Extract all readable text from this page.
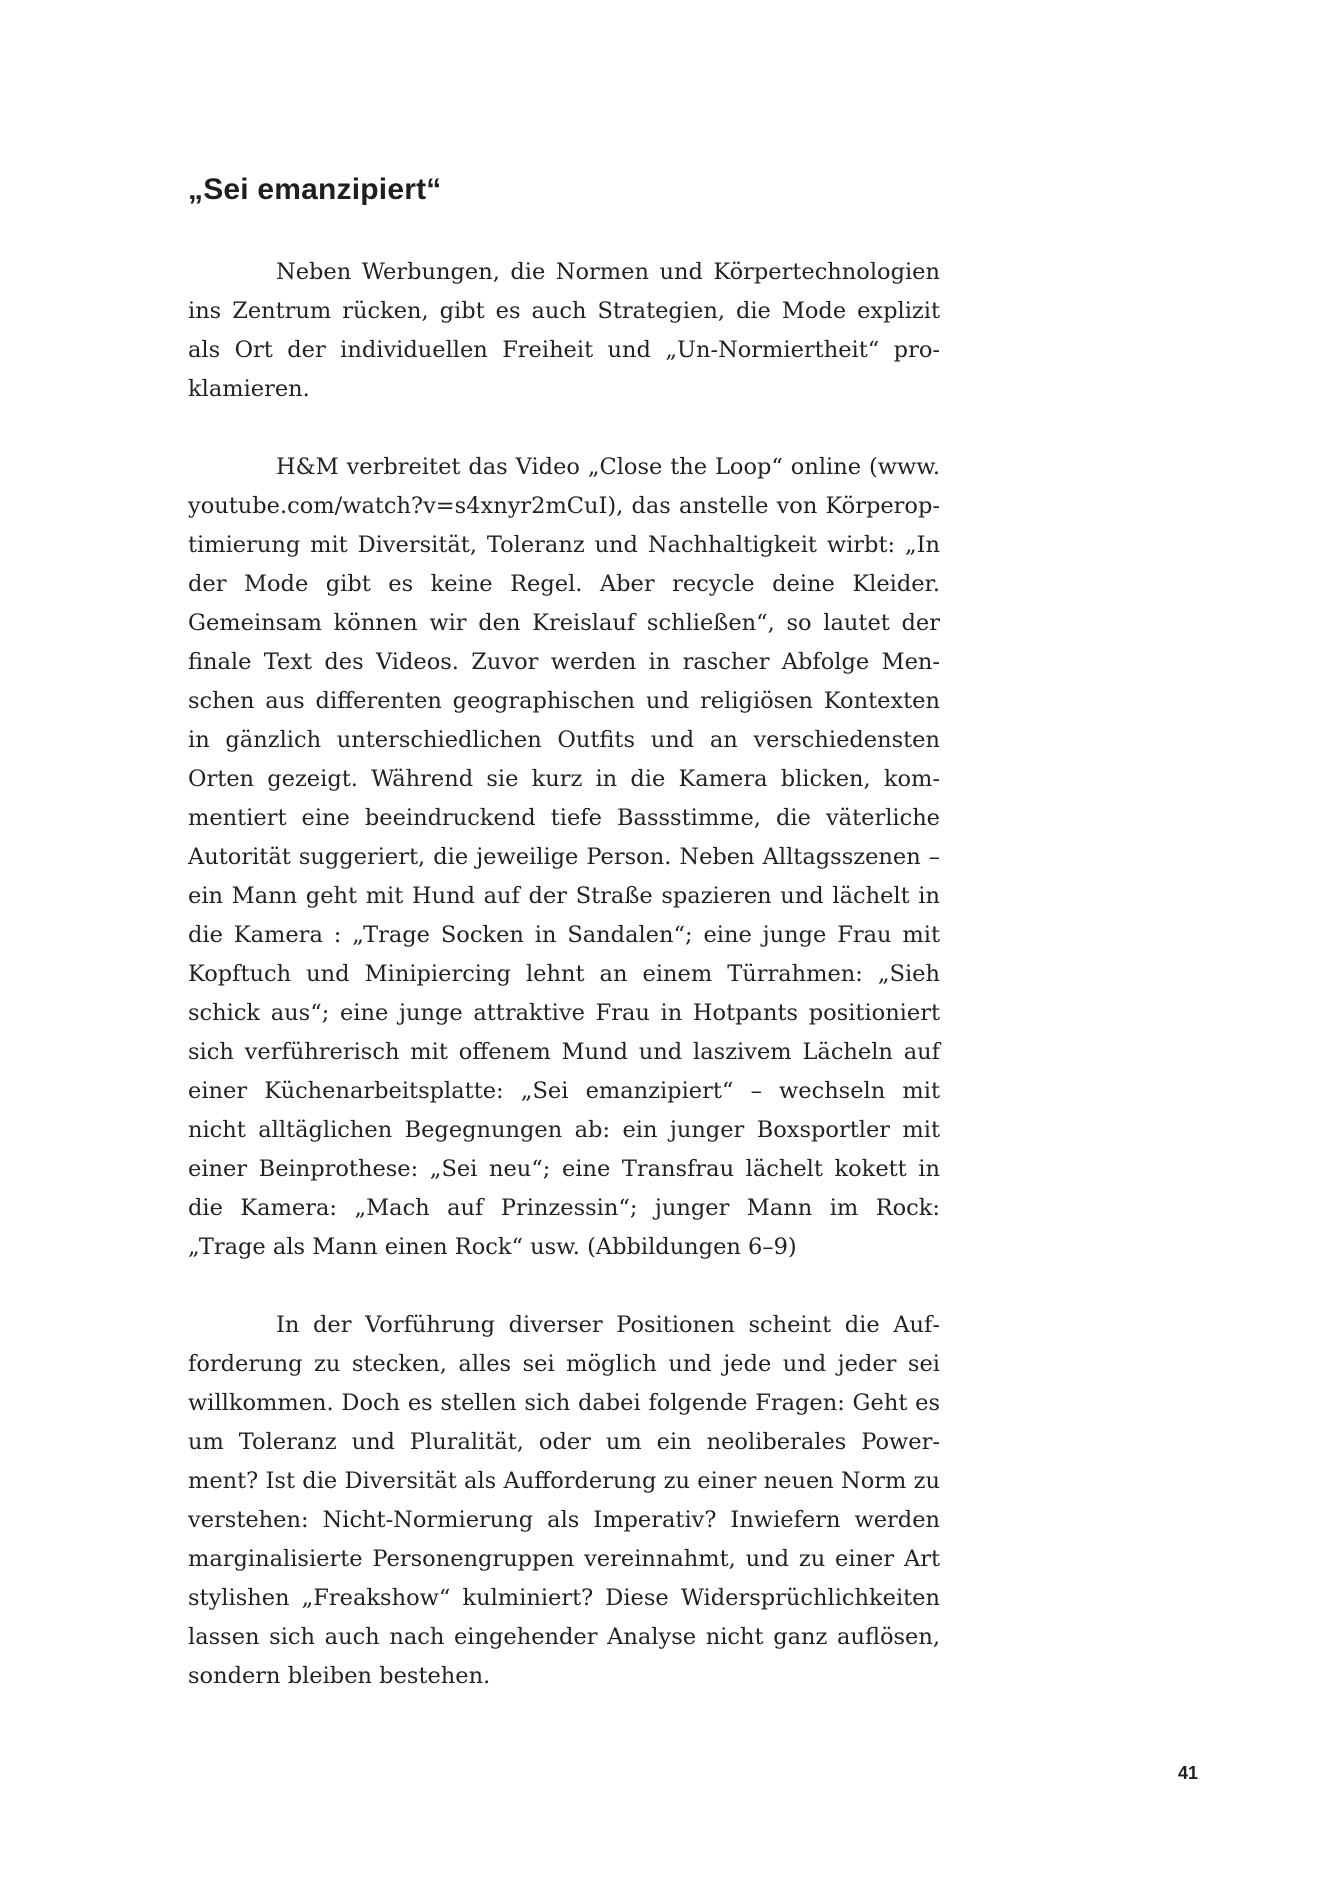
„Sei emanzipiert“

Neben Werbungen, die Normen und Körpertechnologien ins Zentrum rücken, gibt es auch Strategien, die Mode explizit als Ort der individuellen Freiheit und „Un-Normiertheit“ proklamieren.

H&M verbreitet das Video „Close the Loop“ online (www.​youtube.com/watch?v=s4xnyr2mCuI), das anstelle von Körperoptimierung mit Diversität, Toleranz und Nachhaltigkeit wirbt: „In der Mode gibt es keine Regel. Aber recycle deine Kleider. Gemeinsam können wir den Kreislauf schließen“, so lautet der finale Text des Videos. Zuvor werden in rascher Abfolge Menschen aus differenten geographischen und religiösen Kontexten in gänzlich unterschiedlichen Outfits und an verschiedensten Orten gezeigt. Während sie kurz in die Kamera blicken, kommentiert eine beeindruckend tiefe Bassstimme, die väterliche Autorität suggeriert, die jeweilige Person. Neben Alltagsszenen – ein Mann geht mit Hund auf der Straße spazieren und lächelt in die Kamera : „Trage Socken in Sandalen“; eine junge Frau mit Kopftuch und Minipiercing lehnt an einem Türrahmen: „Sieh schick aus“; eine junge attraktive Frau in Hotpants positioniert sich verführerisch mit offenem Mund und laszivem Lächeln auf einer Küchenarbeitsplatte: „Sei emanzipiert“ – wechseln mit nicht alltäglichen Begegnungen ab: ein junger Boxsportler mit einer Beinprothese: „Sei neu“; eine Transfrau lächelt kokett in die Kamera: „Mach auf Prinzessin“; junger Mann im Rock: „Trage als Mann einen Rock“ usw. (Abbildungen 6–9)

In der Vorführung diverser Positionen scheint die Aufforderung zu stecken, alles sei möglich und jede und jeder sei willkommen. Doch es stellen sich dabei folgende Fragen: Geht es um Toleranz und Pluralität, oder um ein neoliberales Powerment? Ist die Diversität als Aufforderung zu einer neuen Norm zu verstehen: Nicht-Normierung als Imperativ? Inwiefern werden marginalisierte Personengruppen vereinnahmt, und zu einer Art stylishen „Freakshow“ kulminiert? Diese Widersprüchlichkeiten lassen sich auch nach eingehender Analyse nicht ganz auflösen, sondern bleiben bestehen.

41
